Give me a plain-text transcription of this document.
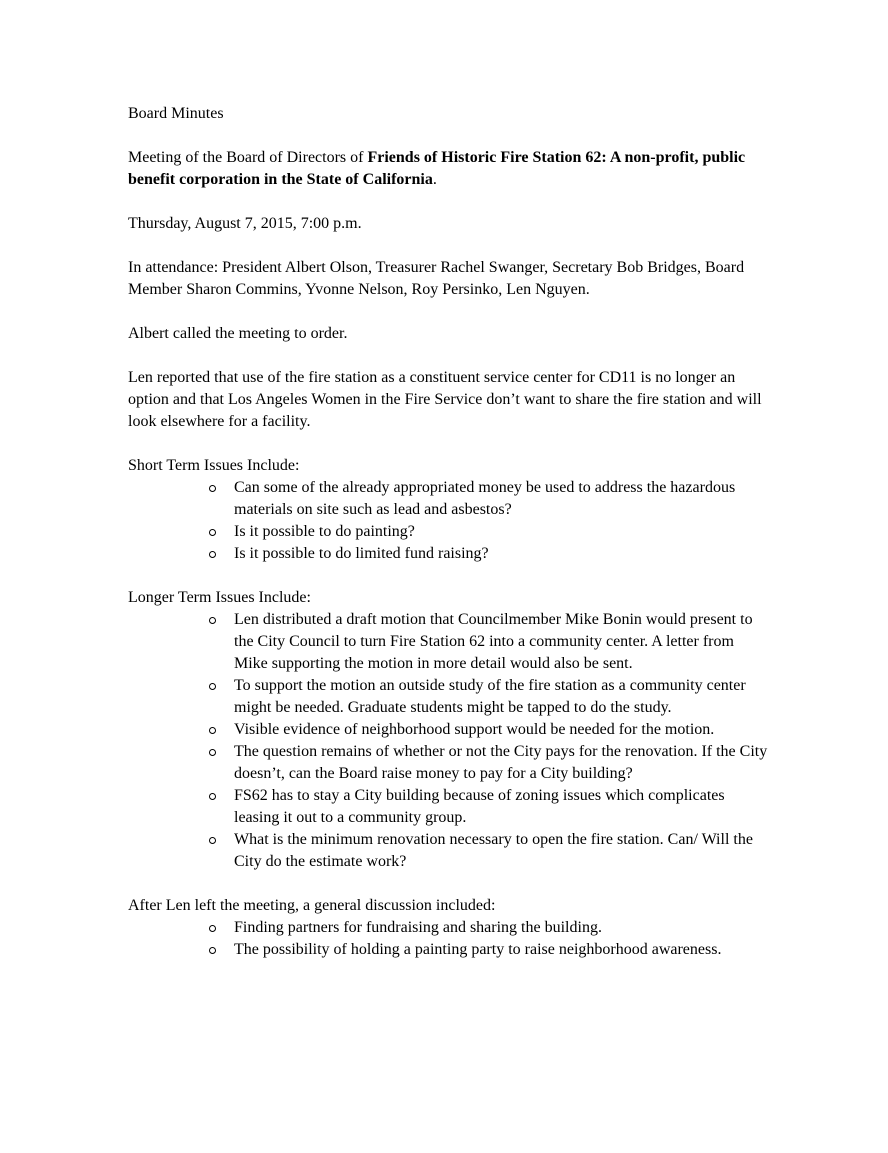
Board Minutes

Meeting of the Board of Directors of Friends of Historic Fire Station 62: A non-profit, public benefit corporation in the State of California.

Thursday, August 7, 2015, 7:00 p.m.

In attendance: President Albert Olson, Treasurer Rachel Swanger, Secretary Bob Bridges, Board Member Sharon Commins, Yvonne Nelson, Roy Persinko, Len Nguyen.

Albert called the meeting to order.

Len reported that use of the fire station as a constituent service center for CD11 is no longer an option and that Los Angeles Women in the Fire Service don’t want to share the fire station and will look elsewhere for a facility.

Short Term Issues Include:

Can some of the already appropriated money be used to address the hazardous materials on site such as lead and asbestos?
Is it possible to do painting?
Is it possible to do limited fund raising?

Longer Term Issues Include:

Len distributed a draft motion that Councilmember Mike Bonin would present to the City Council to turn Fire Station 62 into a community center. A letter from Mike supporting the motion in more detail would also be sent.
To support the motion an outside study of the fire station as a community center might be needed. Graduate students might be tapped to do the study.
Visible evidence of neighborhood support would be needed for the motion.
The question remains of whether or not the City pays for the renovation. If the City doesn’t, can the Board raise money to pay for a City building?
FS62 has to stay a City building because of zoning issues which complicates leasing it out to a community group.
What is the minimum renovation necessary to open the fire station. Can/ Will the City do the estimate work?

After Len left the meeting, a general discussion included:

Finding partners for fundraising and sharing the building.
The possibility of holding a painting party to raise neighborhood awareness.
